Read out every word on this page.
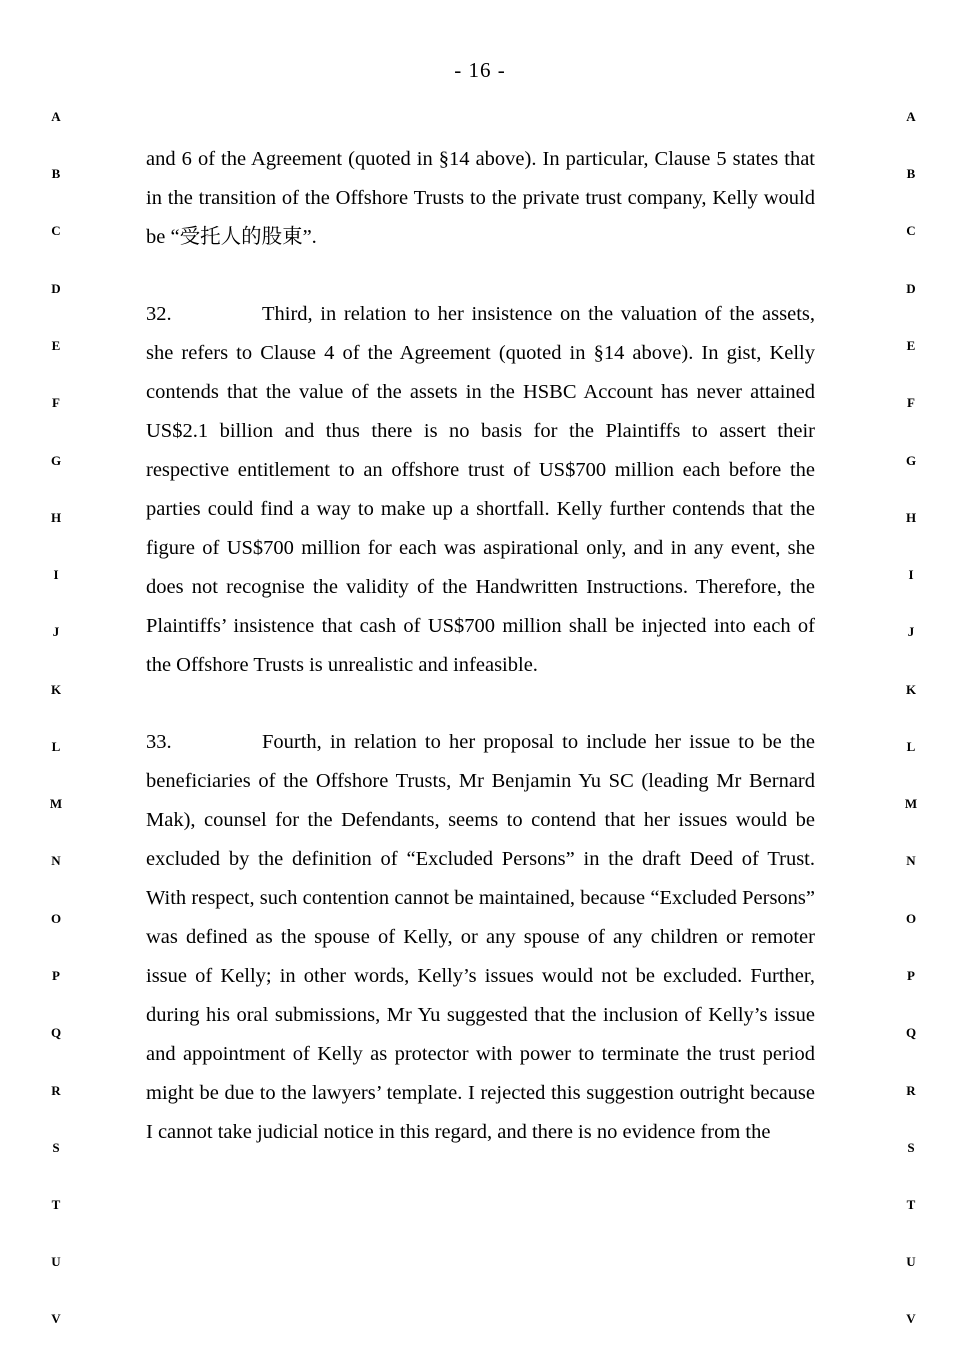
- 16 -
A
B
C
D
E
F
G
H
I
J
K
L
M
N
O
P
Q
R
S
T
U
V
A
B
C
D
E
F
G
H
I
J
K
L
M
N
O
P
Q
R
S
T
U
V

and 6 of the Agreement (quoted in §14 above). In particular, Clause 5 states that in the transition of the Offshore Trusts to the private trust company, Kelly would be “受托人的股東”.

32.	Third, in relation to her insistence on the valuation of the assets, she refers to Clause 4 of the Agreement (quoted in §14 above). In gist, Kelly contends that the value of the assets in the HSBC Account has never attained US$2.1 billion and thus there is no basis for the Plaintiffs to assert their respective entitlement to an offshore trust of US$700 million each before the parties could find a way to make up a shortfall. Kelly further contends that the figure of US$700 million for each was aspirational only, and in any event, she does not recognise the validity of the Handwritten Instructions. Therefore, the Plaintiffs’ insistence that cash of US$700 million shall be injected into each of the Offshore Trusts is unrealistic and infeasible.

33.	Fourth, in relation to her proposal to include her issue to be the beneficiaries of the Offshore Trusts, Mr Benjamin Yu SC (leading Mr Bernard Mak), counsel for the Defendants, seems to contend that her issues would be excluded by the definition of “Excluded Persons” in the draft Deed of Trust. With respect, such contention cannot be maintained, because “Excluded Persons” was defined as the spouse of Kelly, or any spouse of any children or remoter issue of Kelly; in other words, Kelly’s issues would not be excluded. Further, during his oral submissions, Mr Yu suggested that the inclusion of Kelly’s issue and appointment of Kelly as protector with power to terminate the trust period might be due to the lawyers’ template. I rejected this suggestion outright because I cannot take judicial notice in this regard, and there is no evidence from the
